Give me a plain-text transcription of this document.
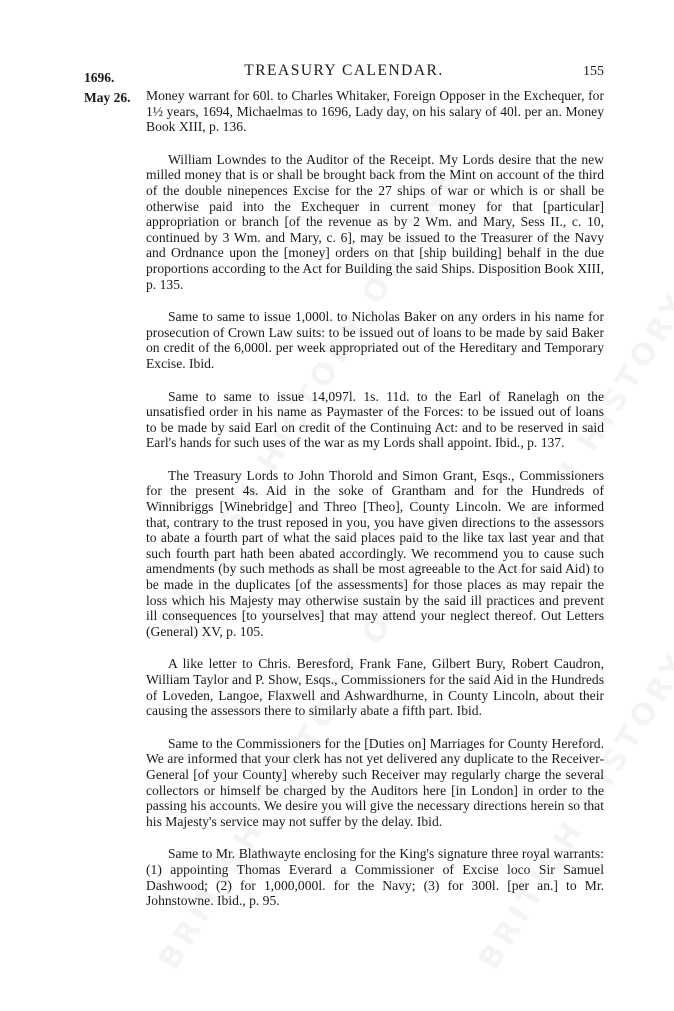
1696.	TREASURY CALENDAR.	155
May 26. Money warrant for 60l. to Charles Whitaker, Foreign Opposer in the Exchequer, for 1½ years, 1694, Michaelmas to 1696, Lady day, on his salary of 40l. per an. Money Book XIII, p. 136.

William Lowndes to the Auditor of the Receipt. My Lords desire that the new milled money that is or shall be brought back from the Mint on account of the third of the double ninepences Excise for the 27 ships of war or which is or shall be otherwise paid into the Exchequer in current money for that [particular] appropriation or branch [of the revenue as by 2 Wm. and Mary, Sess II., c. 10, continued by 3 Wm. and Mary, c. 6], may be issued to the Treasurer of the Navy and Ordnance upon the [money] orders on that [ship building] behalf in the due proportions according to the Act for Building the said Ships. Disposition Book XIII, p. 135.

Same to same to issue 1,000l. to Nicholas Baker on any orders in his name for prosecution of Crown Law suits: to be issued out of loans to be made by said Baker on credit of the 6,000l. per week appropriated out of the Hereditary and Temporary Excise. Ibid.

Same to same to issue 14,097l. 1s. 11d. to the Earl of Ranelagh on the unsatisfied order in his name as Paymaster of the Forces: to be issued out of loans to be made by said Earl on credit of the Continuing Act: and to be reserved in said Earl's hands for such uses of the war as my Lords shall appoint. Ibid., p. 137.

The Treasury Lords to John Thorold and Simon Grant, Esqs., Commissioners for the present 4s. Aid in the soke of Grantham and for the Hundreds of Winnibriggs [Winebridge] and Threo [Theo], County Lincoln. We are informed that, contrary to the trust reposed in you, you have given directions to the assessors to abate a fourth part of what the said places paid to the like tax last year and that such fourth part hath been abated accordingly. We recommend you to cause such amendments (by such methods as shall be most agreeable to the Act for said Aid) to be made in the duplicates [of the assessments] for those places as may repair the loss which his Majesty may otherwise sustain by the said ill practices and prevent ill consequences [to yourselves] that may attend your neglect thereof. Out Letters (General) XV, p. 105.

A like letter to Chris. Beresford, Frank Fane, Gilbert Bury, Robert Caudron, William Taylor and P. Show, Esqs., Commissioners for the said Aid in the Hundreds of Loveden, Langoe, Flaxwell and Ashwardhurne, in County Lincoln, about their causing the assessors there to similarly abate a fifth part. Ibid.

Same to the Commissioners for the [Duties on] Marriages for County Hereford. We are informed that your clerk has not yet delivered any duplicate to the Receiver-General [of your County] whereby such Receiver may regularly charge the several collectors or himself be charged by the Auditors here [in London] in order to the passing his accounts. We desire you will give the necessary directions herein so that his Majesty's service may not suffer by the delay. Ibid.

Same to Mr. Blathwayte enclosing for the King's signature three royal warrants: (1) appointing Thomas Everard a Commissioner of Excise loco Sir Samuel Dashwood; (2) for 1,000,000l. for the Navy; (3) for 300l. [per an.] to Mr. Johnstowne. Ibid., p. 95.
